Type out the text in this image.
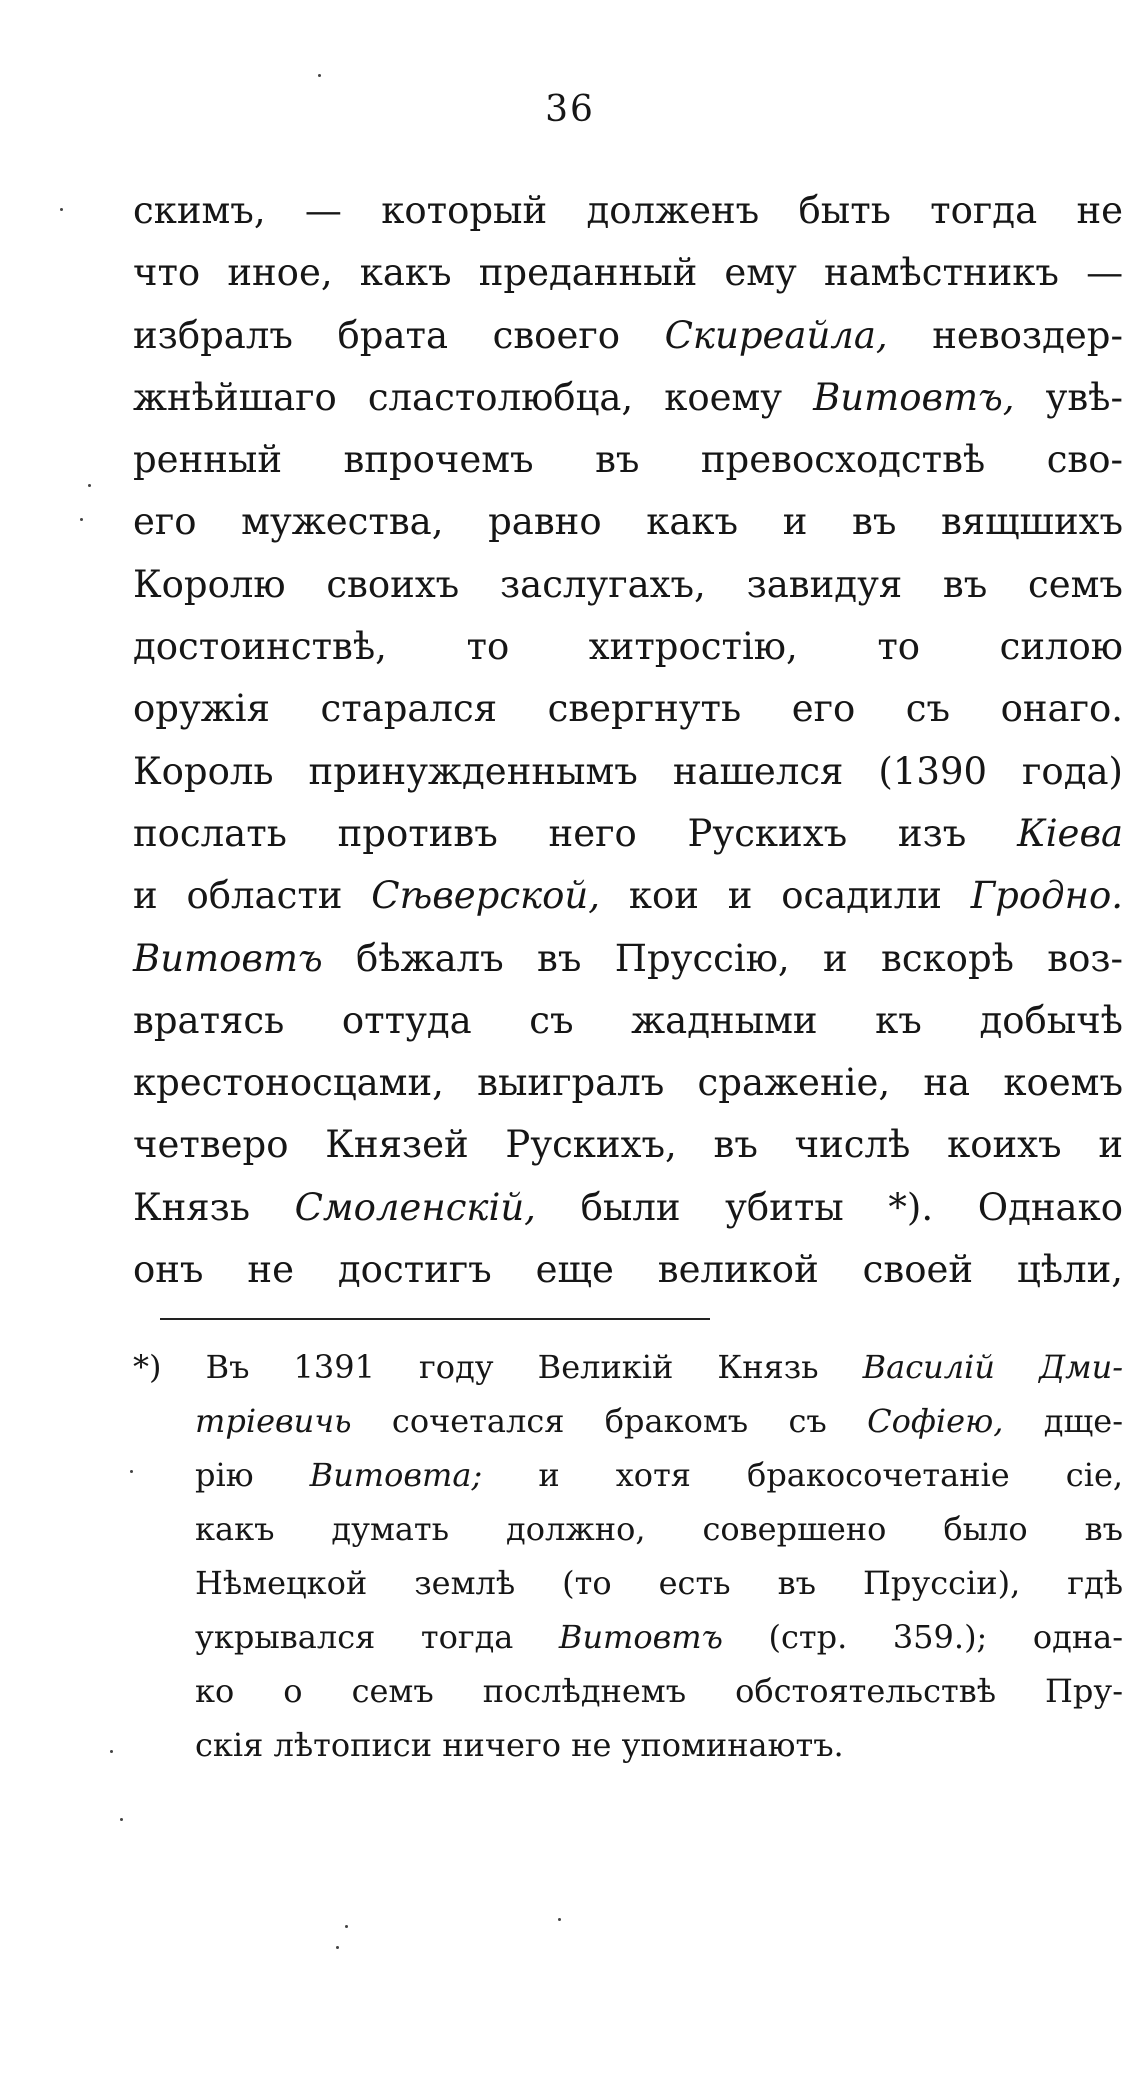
36
скимъ, — который долженъ быть тогда не
что иное, какъ преданный ему намѣстникъ —
избралъ брата своего Скиреайла, невоздер-
жнѣйшаго сластолюбца, коему Витовтъ, увѣ-
ренный впрочемъ въ превосходствѣ сво-
его мужества, равно какъ и въ вящшихъ
Королю своихъ заслугахъ, завидуя въ семъ
достоинствѣ, то хитростію, то силою
оружія старался свергнуть его съ онаго.
Король принужденнымъ нашелся (1390 года)
послать противъ него Рускихъ изъ Кіева
и области Сѣверской, кои и осадили Гродно.
Витовтъ бѣжалъ въ Пруссію, и вскорѣ воз-
вратясь оттуда съ жадными къ добычѣ
крестоносцами, выигралъ сраженіе, на коемъ
четверо Князей Рускихъ, въ числѣ коихъ и
Князь Смоленскій, были убиты *). Однако
онъ не достигъ еще великой своей цѣли,
*) Въ 1391 году Великій Князь Василій Дми-
тріевичь сочетался бракомъ съ Софіею, дще-
рію Витовта; и хотя бракосочетаніе сіе,
какъ думать должно, совершено было въ
Нѣмецкой землѣ (то есть въ Пруссіи), гдѣ
укрывался тогда Витовтъ (стр. 359.); одна-
ко о семъ послѣднемъ обстоятельствѣ Пру-
скія лѣтописи ничего не упоминаютъ.
